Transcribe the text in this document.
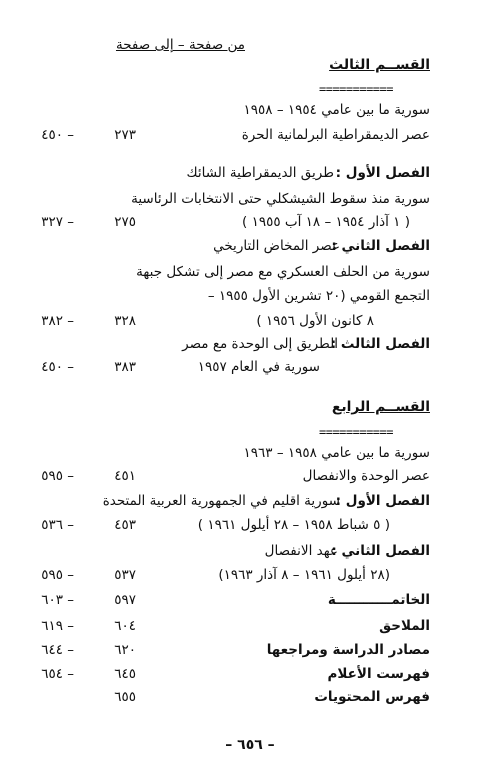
من صفحة – إلى صفحة
القســم الثالث
===========
سورية ما بين عامي ١٩٥٤ – ١٩٥٨
عصر الديمقراطية البرلمانية الحرة
٢٧٣
– ٤٥٠
الفصل الأول :
طريق الديمقراطية الشائك
سورية منذ سقوط الشيشكلي حتى الانتخابات الرئاسية
( ١ آذار ١٩٥٤ – ١٨ آب ١٩٥٥ )
٢٧٥
– ٣٢٧
الفصل الثاني :
عصر المخاض التاريخي
سورية من الحلف العسكري مع مصر إلى تشكل جبهة
التجمع القومي (٢٠ تشرين الأول ١٩٥٥ –
٨ كانون الأول ١٩٥٦ )
٣٢٨
– ٣٨٢
الفصل الثالث :
الطريق إلى الوحدة مع مصر
سورية في العام ١٩٥٧
٣٨٣
– ٤٥٠
القســم الرابع
===========
سورية ما بين عامي ١٩٥٨ – ١٩٦٣
عصر الوحدة والانفصال
٤٥١
– ٥٩٥
الفصل الأول :
سورية اقليم في الجمهورية العربية المتحدة
( ٥ شباط ١٩٥٨ – ٢٨ أيلول ١٩٦١ )
٤٥٣
– ٥٣٦
الفصل الثاني :
عهد الانفصال
(٢٨ أيلول ١٩٦١ – ٨ آذار ١٩٦٣)
٥٣٧
– ٥٩٥
الخاتمــــــــــــة
٥٩٧
– ٦٠٣
الملاحق
٦٠٤
– ٦١٩
مصادر الدراسة ومراجعها
٦٢٠
– ٦٤٤
فهرست الأعلام
٦٤٥
– ٦٥٤
فهرس المحتويات
٦٥٥
– ٦٥٦ –
